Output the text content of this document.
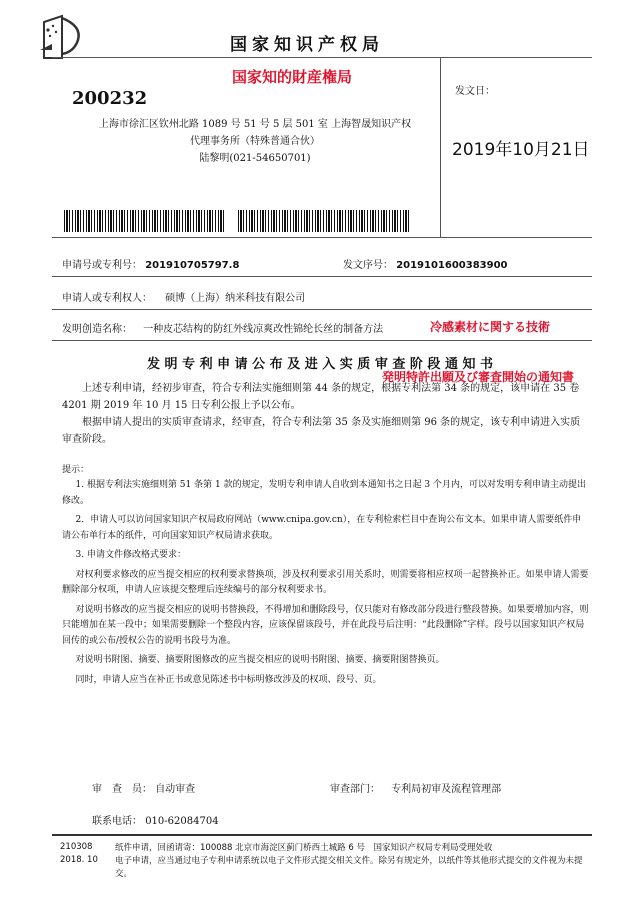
国家知识产权局
国家知的財産権局
发文日：
200232
上海市徐汇区钦州北路 1089 号 51 号 5 层 501 室 上海智晟知识产权
代理事务所（特殊普通合伙）
陆黎明(021-54650701)	2019年10月21日
申请号或专利号： 201910705797.8	发文序号： 2019101600383900
申请人或专利权人： 硕博（上海）纳米科技有限公司
发明创造名称： 一种皮芯结构的防红外线凉爽改性锦纶长丝的制备方法	冷感素材に関する技術
发 明 专 利 申 请 公 布 及 进 入 实 质 审 查 阶 段 通 知 书
発明特許出願及び審査開始の通知書

上述专利申请，经初步审查，符合专利法实施细则第 44 条的规定，根据专利法第 34 条的规定，该申请在 35 卷 4201 期 2019 年 10 月 15 日专利公报上予以公布。

根据申请人提出的实质审查请求，经审查，符合专利法第 35 条及实施细则第 96 条的规定，该专利申请进入实质审查阶段。

提示：
1. 根据专利法实施细则第 51 条第 1 款的规定，发明专利申请人自收到本通知书之日起 3 个月内，可以对发明专利申请主动提出修改。
2．申请人可以访问国家知识产权局政府网站（www.cnipa.gov.cn），在专利检索栏目中查询公布文本。如果申请人需要纸件申请公布单行本的纸件，可向国家知识产权局请求获取。
3. 申请文件修改格式要求：
对权利要求修改的应当提交相应的权利要求替换项，涉及权利要求引用关系时，则需要将相应权项一起替换补正。如果申请人需要删除部分权项，申请人应该提交整理后连续编号的部分权利要求书。
对说明书修改的应当提交相应的说明书替换段，不得增加和删除段号，仅只能对有修改部分段进行整段替换。如果要增加内容，则只能增加在某一段中；如果需要删除一个整段内容，应该保留该段号，并在此段号后注明：“此段删除”字样。段号以国家知识产权局回传的或公布/授权公告的说明书段号为准。
对说明书附图、摘要、摘要附图修改的应当提交相应的说明书附图、摘要、摘要附图替换页。
同时，申请人应当在补正书或意见陈述书中标明修改涉及的权项、段号、页。
审　查　员： 自动审查	审查部门： 专利局初审及流程管理部
联系电话： 010-62084704
210308
2018. 10
纸件申请，回函请寄：100088 北京市海淀区蓟门桥西土城路 6 号　国家知识产权局专利局受理处收
电子申请，应当通过电子专利申请系统以电子文件形式提交相关文件。除另有规定外，以纸件等其他形式提交的文件视为未提交。
